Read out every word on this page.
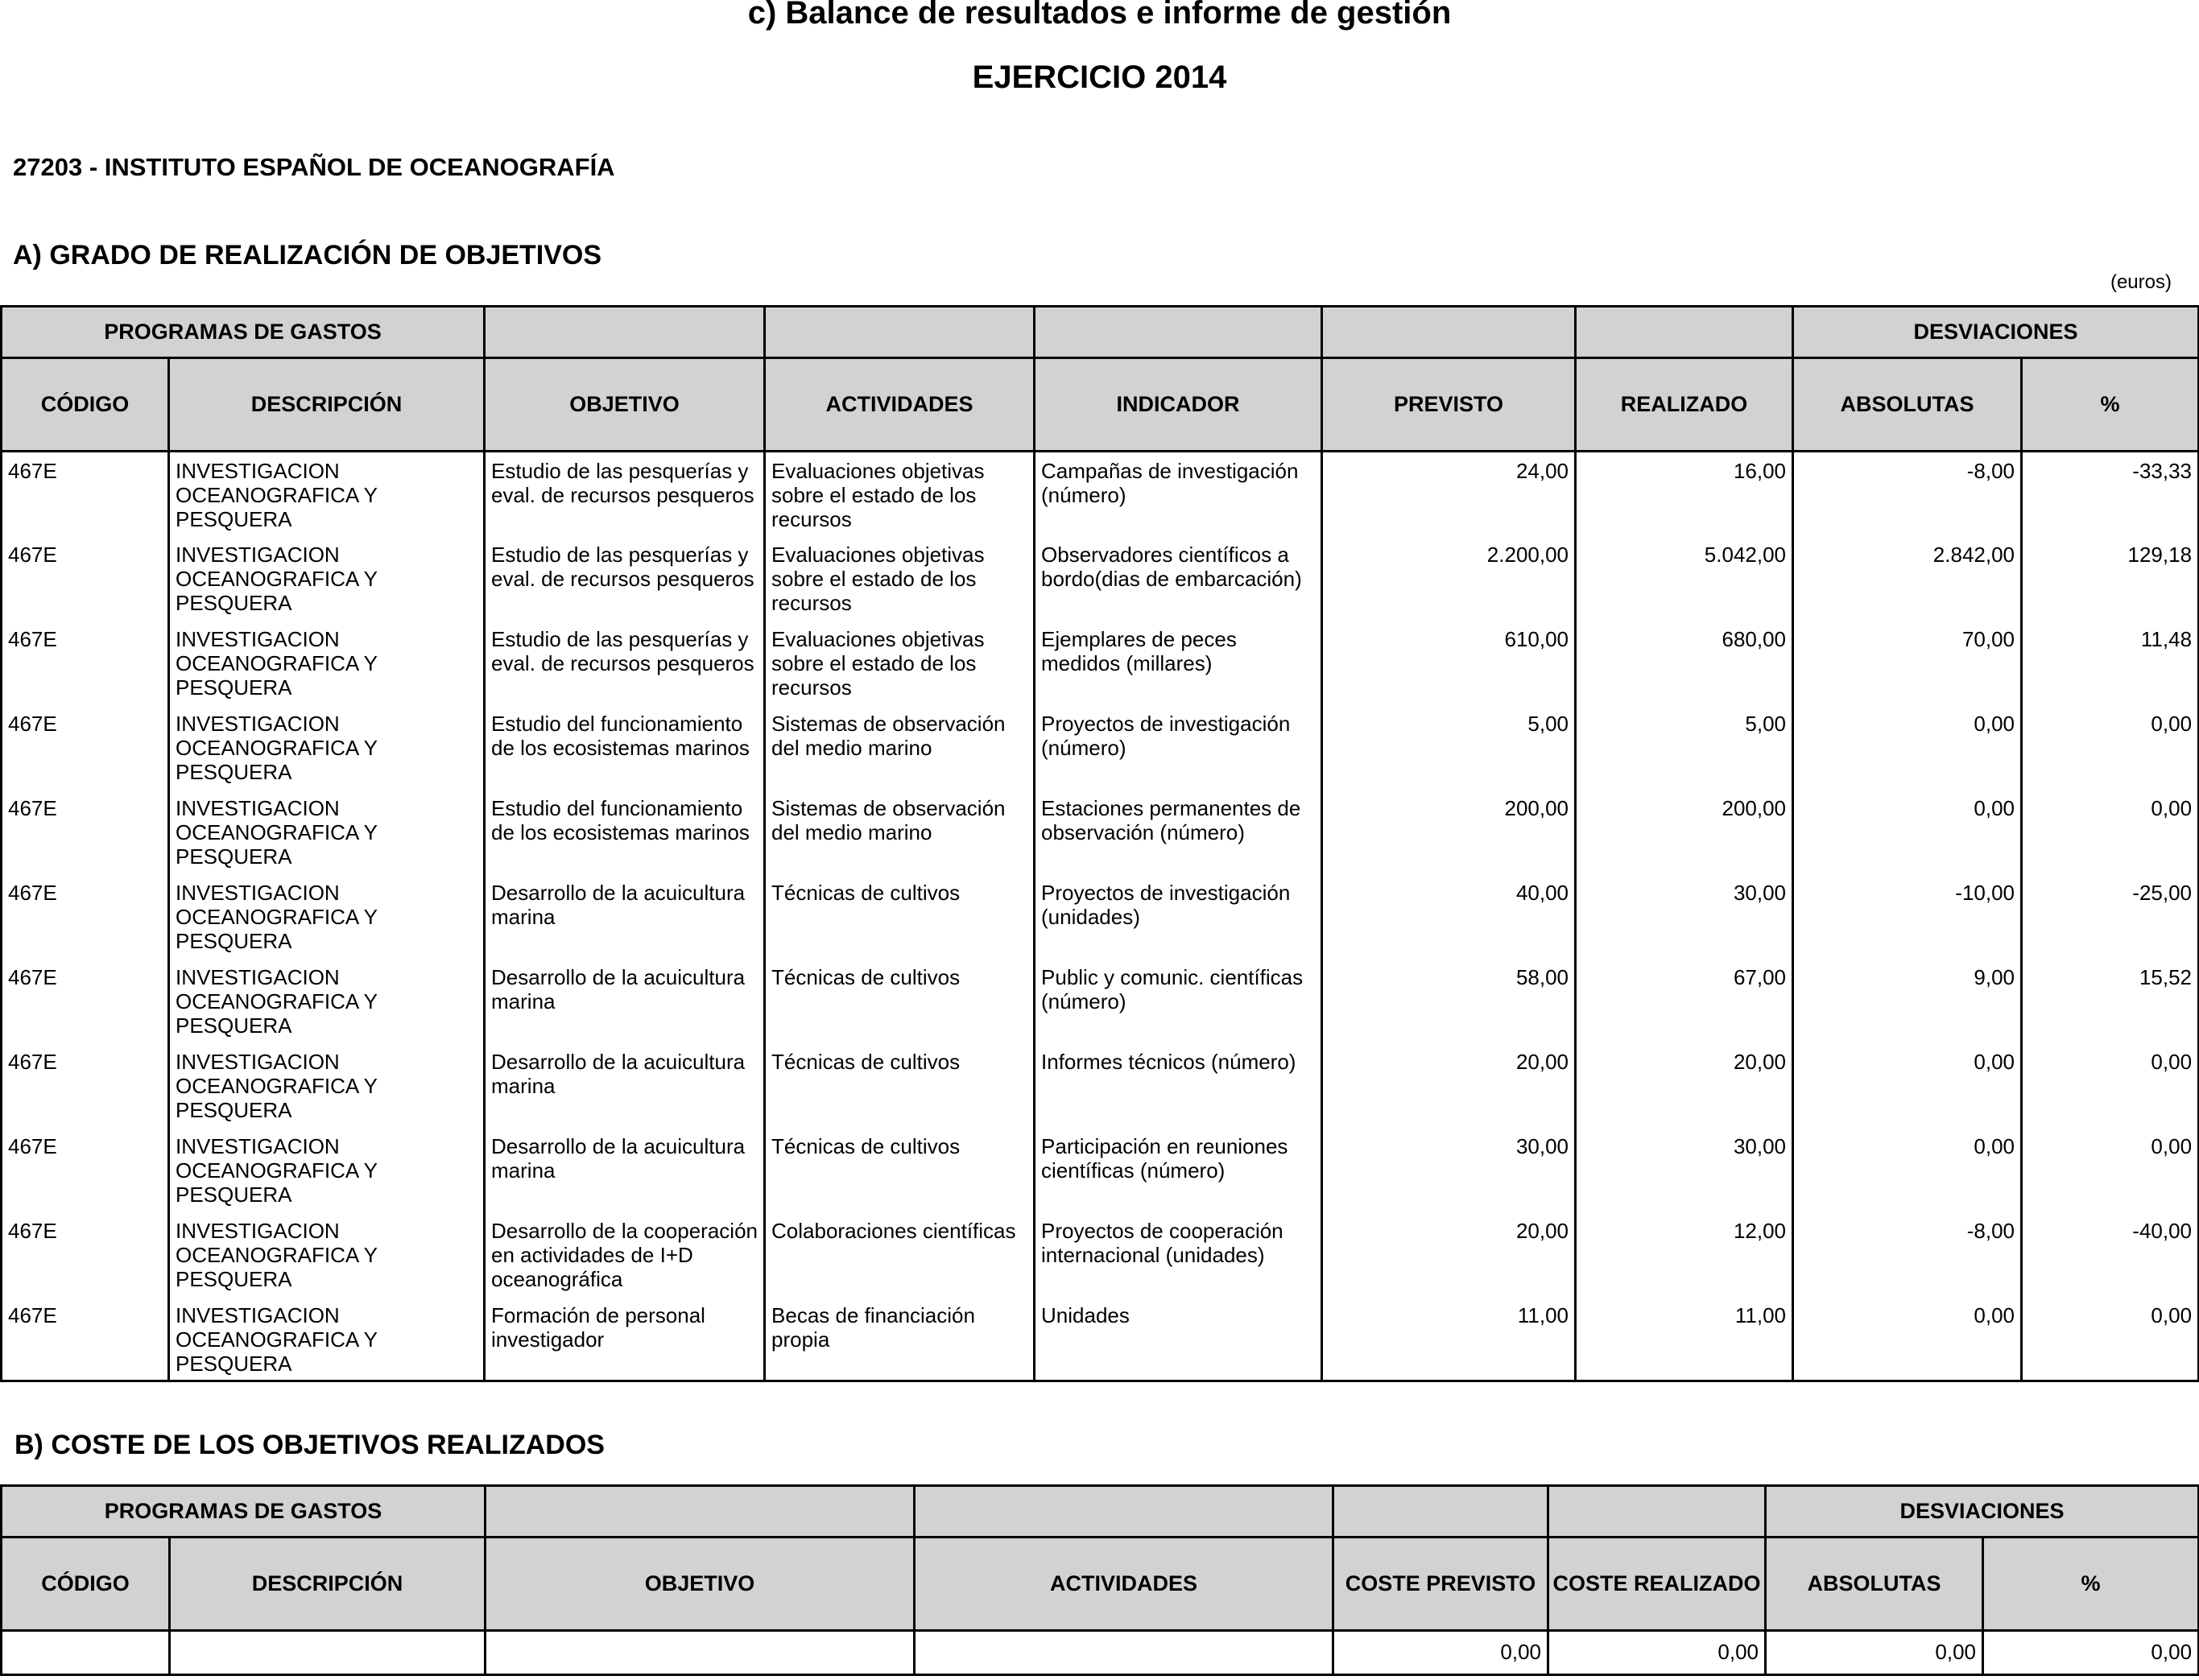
c) Balance de resultados e informe de gestión
EJERCICIO 2014
27203 - INSTITUTO ESPAÑOL DE OCEANOGRAFÍA
A) GRADO DE REALIZACIÓN DE OBJETIVOS
(euros)
PROGRAMAS DE GASTOS							DESVIACIONES	
CÓDIGO	DESCRIPCIÓN	OBJETIVO	ACTIVIDADES	INDICADOR	PREVISTO	REALIZADO	ABSOLUTAS	%
467E	INVESTIGACION OCEANOGRAFICA Y PESQUERA	Estudio de las pesquerías y eval. de recursos pesqueros	Evaluaciones objetivas sobre el estado de los recursos	Campañas de investigación (número)	24,00	16,00	-8,00	-33,33
467E	INVESTIGACION OCEANOGRAFICA Y PESQUERA	Estudio de las pesquerías y eval. de recursos pesqueros	Evaluaciones objetivas sobre el estado de los recursos	Observadores científicos a bordo(dias de embarcación)	2.200,00	5.042,00	2.842,00	129,18
467E	INVESTIGACION OCEANOGRAFICA Y PESQUERA	Estudio de las pesquerías y eval. de recursos pesqueros	Evaluaciones objetivas sobre el estado de los recursos	Ejemplares de peces medidos (millares)	610,00	680,00	70,00	11,48
467E	INVESTIGACION OCEANOGRAFICA Y PESQUERA	Estudio del funcionamiento de los ecosistemas marinos	Sistemas de observación del medio marino	Proyectos de investigación (número)	5,00	5,00	0,00	0,00
467E	INVESTIGACION OCEANOGRAFICA Y PESQUERA	Estudio del funcionamiento de los ecosistemas marinos	Sistemas de observación del medio marino	Estaciones permanentes de observación (número)	200,00	200,00	0,00	0,00
467E	INVESTIGACION OCEANOGRAFICA Y PESQUERA	Desarrollo de la acuicultura marina	Técnicas de cultivos	Proyectos de investigación (unidades)	40,00	30,00	-10,00	-25,00
467E	INVESTIGACION OCEANOGRAFICA Y PESQUERA	Desarrollo de la acuicultura marina	Técnicas de cultivos	Public y comunic. científicas (número)	58,00	67,00	9,00	15,52
467E	INVESTIGACION OCEANOGRAFICA Y PESQUERA	Desarrollo de la acuicultura marina	Técnicas de cultivos	Informes técnicos (número)	20,00	20,00	0,00	0,00
467E	INVESTIGACION OCEANOGRAFICA Y PESQUERA	Desarrollo de la acuicultura marina	Técnicas de cultivos	Participación en reuniones científicas (número)	30,00	30,00	0,00	0,00
467E	INVESTIGACION OCEANOGRAFICA Y PESQUERA	Desarrollo de la cooperación en actividades de I+D oceanográfica	Colaboraciones científicas	Proyectos de cooperación internacional (unidades)	20,00	12,00	-8,00	-40,00
467E	INVESTIGACION OCEANOGRAFICA Y PESQUERA	Formación de personal investigador	Becas de financiación propia	Unidades	11,00	11,00	0,00	0,00
B) COSTE DE LOS OBJETIVOS REALIZADOS
PROGRAMAS DE GASTOS						DESVIACIONES	
CÓDIGO	DESCRIPCIÓN	OBJETIVO	ACTIVIDADES	COSTE PREVISTO	COSTE REALIZADO	ABSOLUTAS	%
				0,00	0,00	0,00	0,00
